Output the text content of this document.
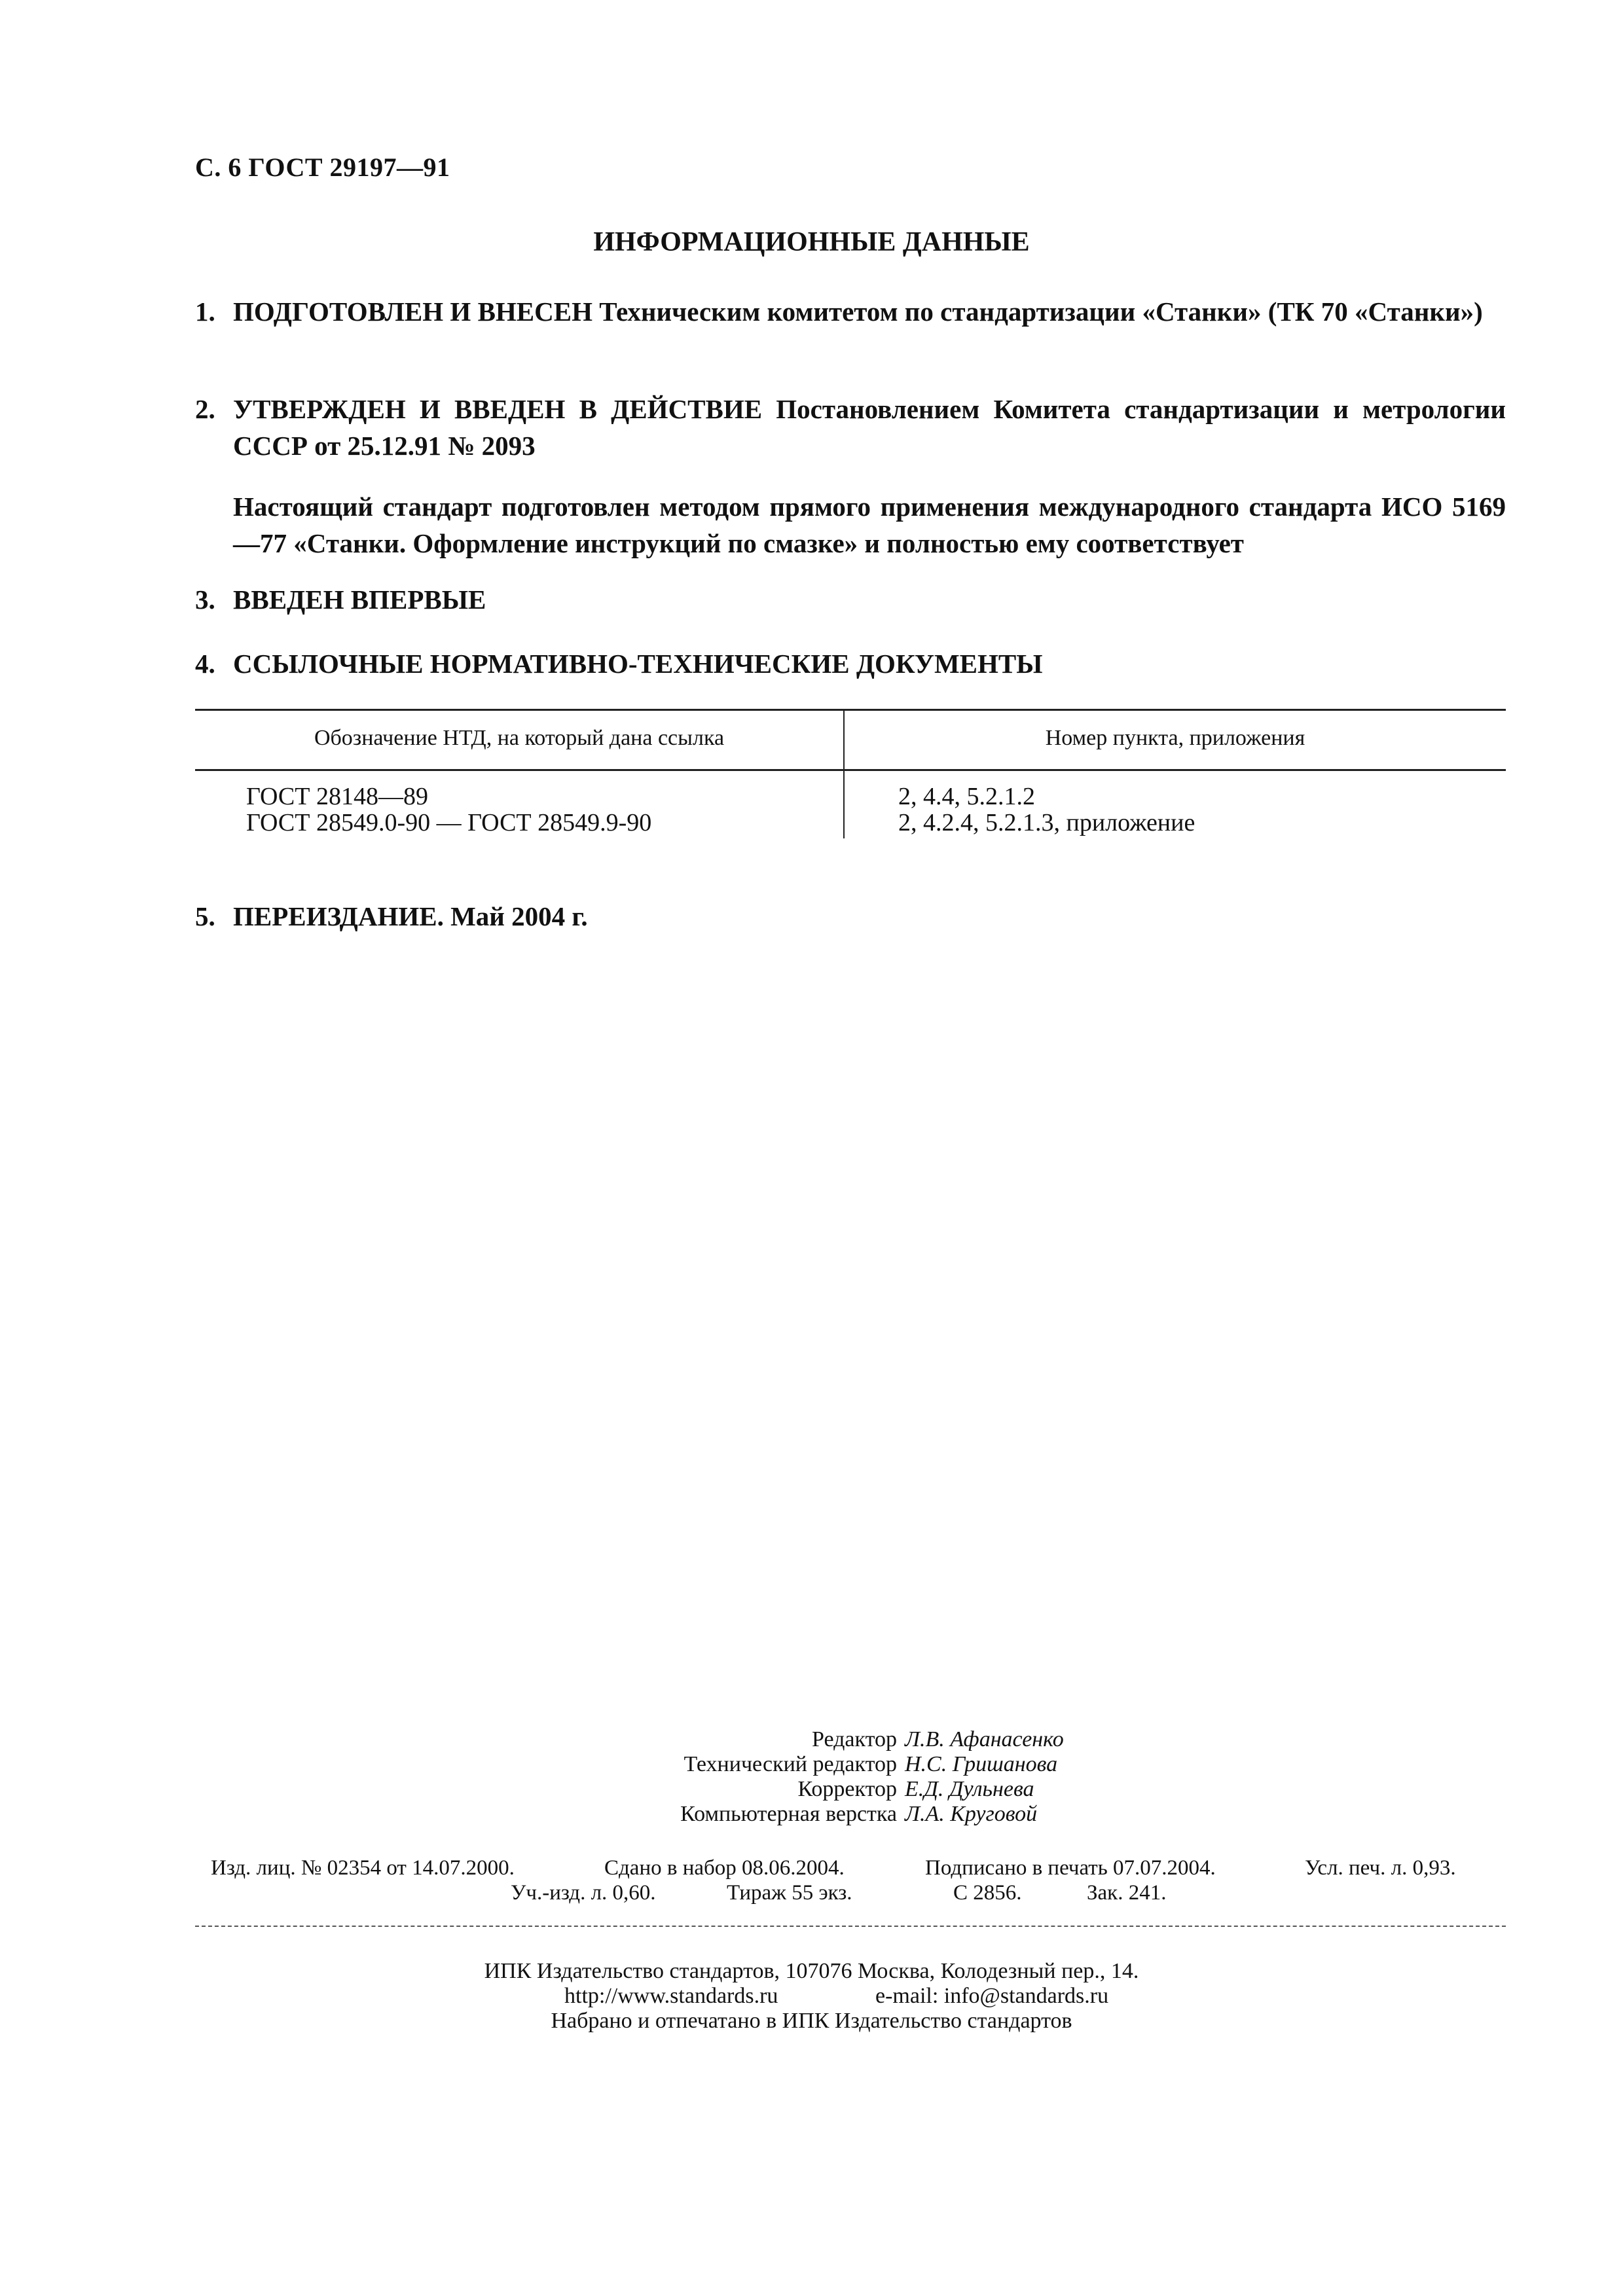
С. 6 ГОСТ 29197—91
ИНФОРМАЦИОННЫЕ ДАННЫЕ
1. ПОДГОТОВЛЕН И ВНЕСЕН Техническим комитетом по стандартизации «Станки» (ТК 70 «Станки»)
2. УТВЕРЖДЕН И ВВЕДЕН В ДЕЙСТВИЕ Постановлением Комитета стандартизации и метрологии СССР от 25.12.91 № 2093
Настоящий стандарт подготовлен методом прямого применения международного стандарта ИСО 5169—77 «Станки. Оформление инструкций по смазке» и полностью ему соответствует
3. ВВЕДЕН ВПЕРВЫЕ
4. ССЫЛОЧНЫЕ НОРМАТИВНО-ТЕХНИЧЕСКИЕ ДОКУМЕНТЫ
Обозначение НТД, на который дана ссылка	Номер пункта, приложения
ГОСТ 28148—89	2, 4.4, 5.2.1.2
ГОСТ 28549.0-90 — ГОСТ 28549.9-90	2, 4.2.4, 5.2.1.3, приложение
5. ПЕРЕИЗДАНИЕ. Май 2004 г.
Редактор Л.В. Афанасенко
Технический редактор Н.С. Гришанова
Корректор Е.Д. Дульнева
Компьютерная верстка Л.А. Круговой
Изд. лиц. № 02354 от 14.07.2000.	Сдано в набор 08.06.2004.	Подписано в печать 07.07.2004.	Усл. печ. л. 0,93.
Уч.-изд. л. 0,60.	Тираж 55 экз.	С 2856.	Зак. 241.
ИПК Издательство стандартов, 107076 Москва, Колодезный пер., 14.
http://www.standards.ru	e-mail: info@standards.ru
Набрано и отпечатано в ИПК Издательство стандартов
